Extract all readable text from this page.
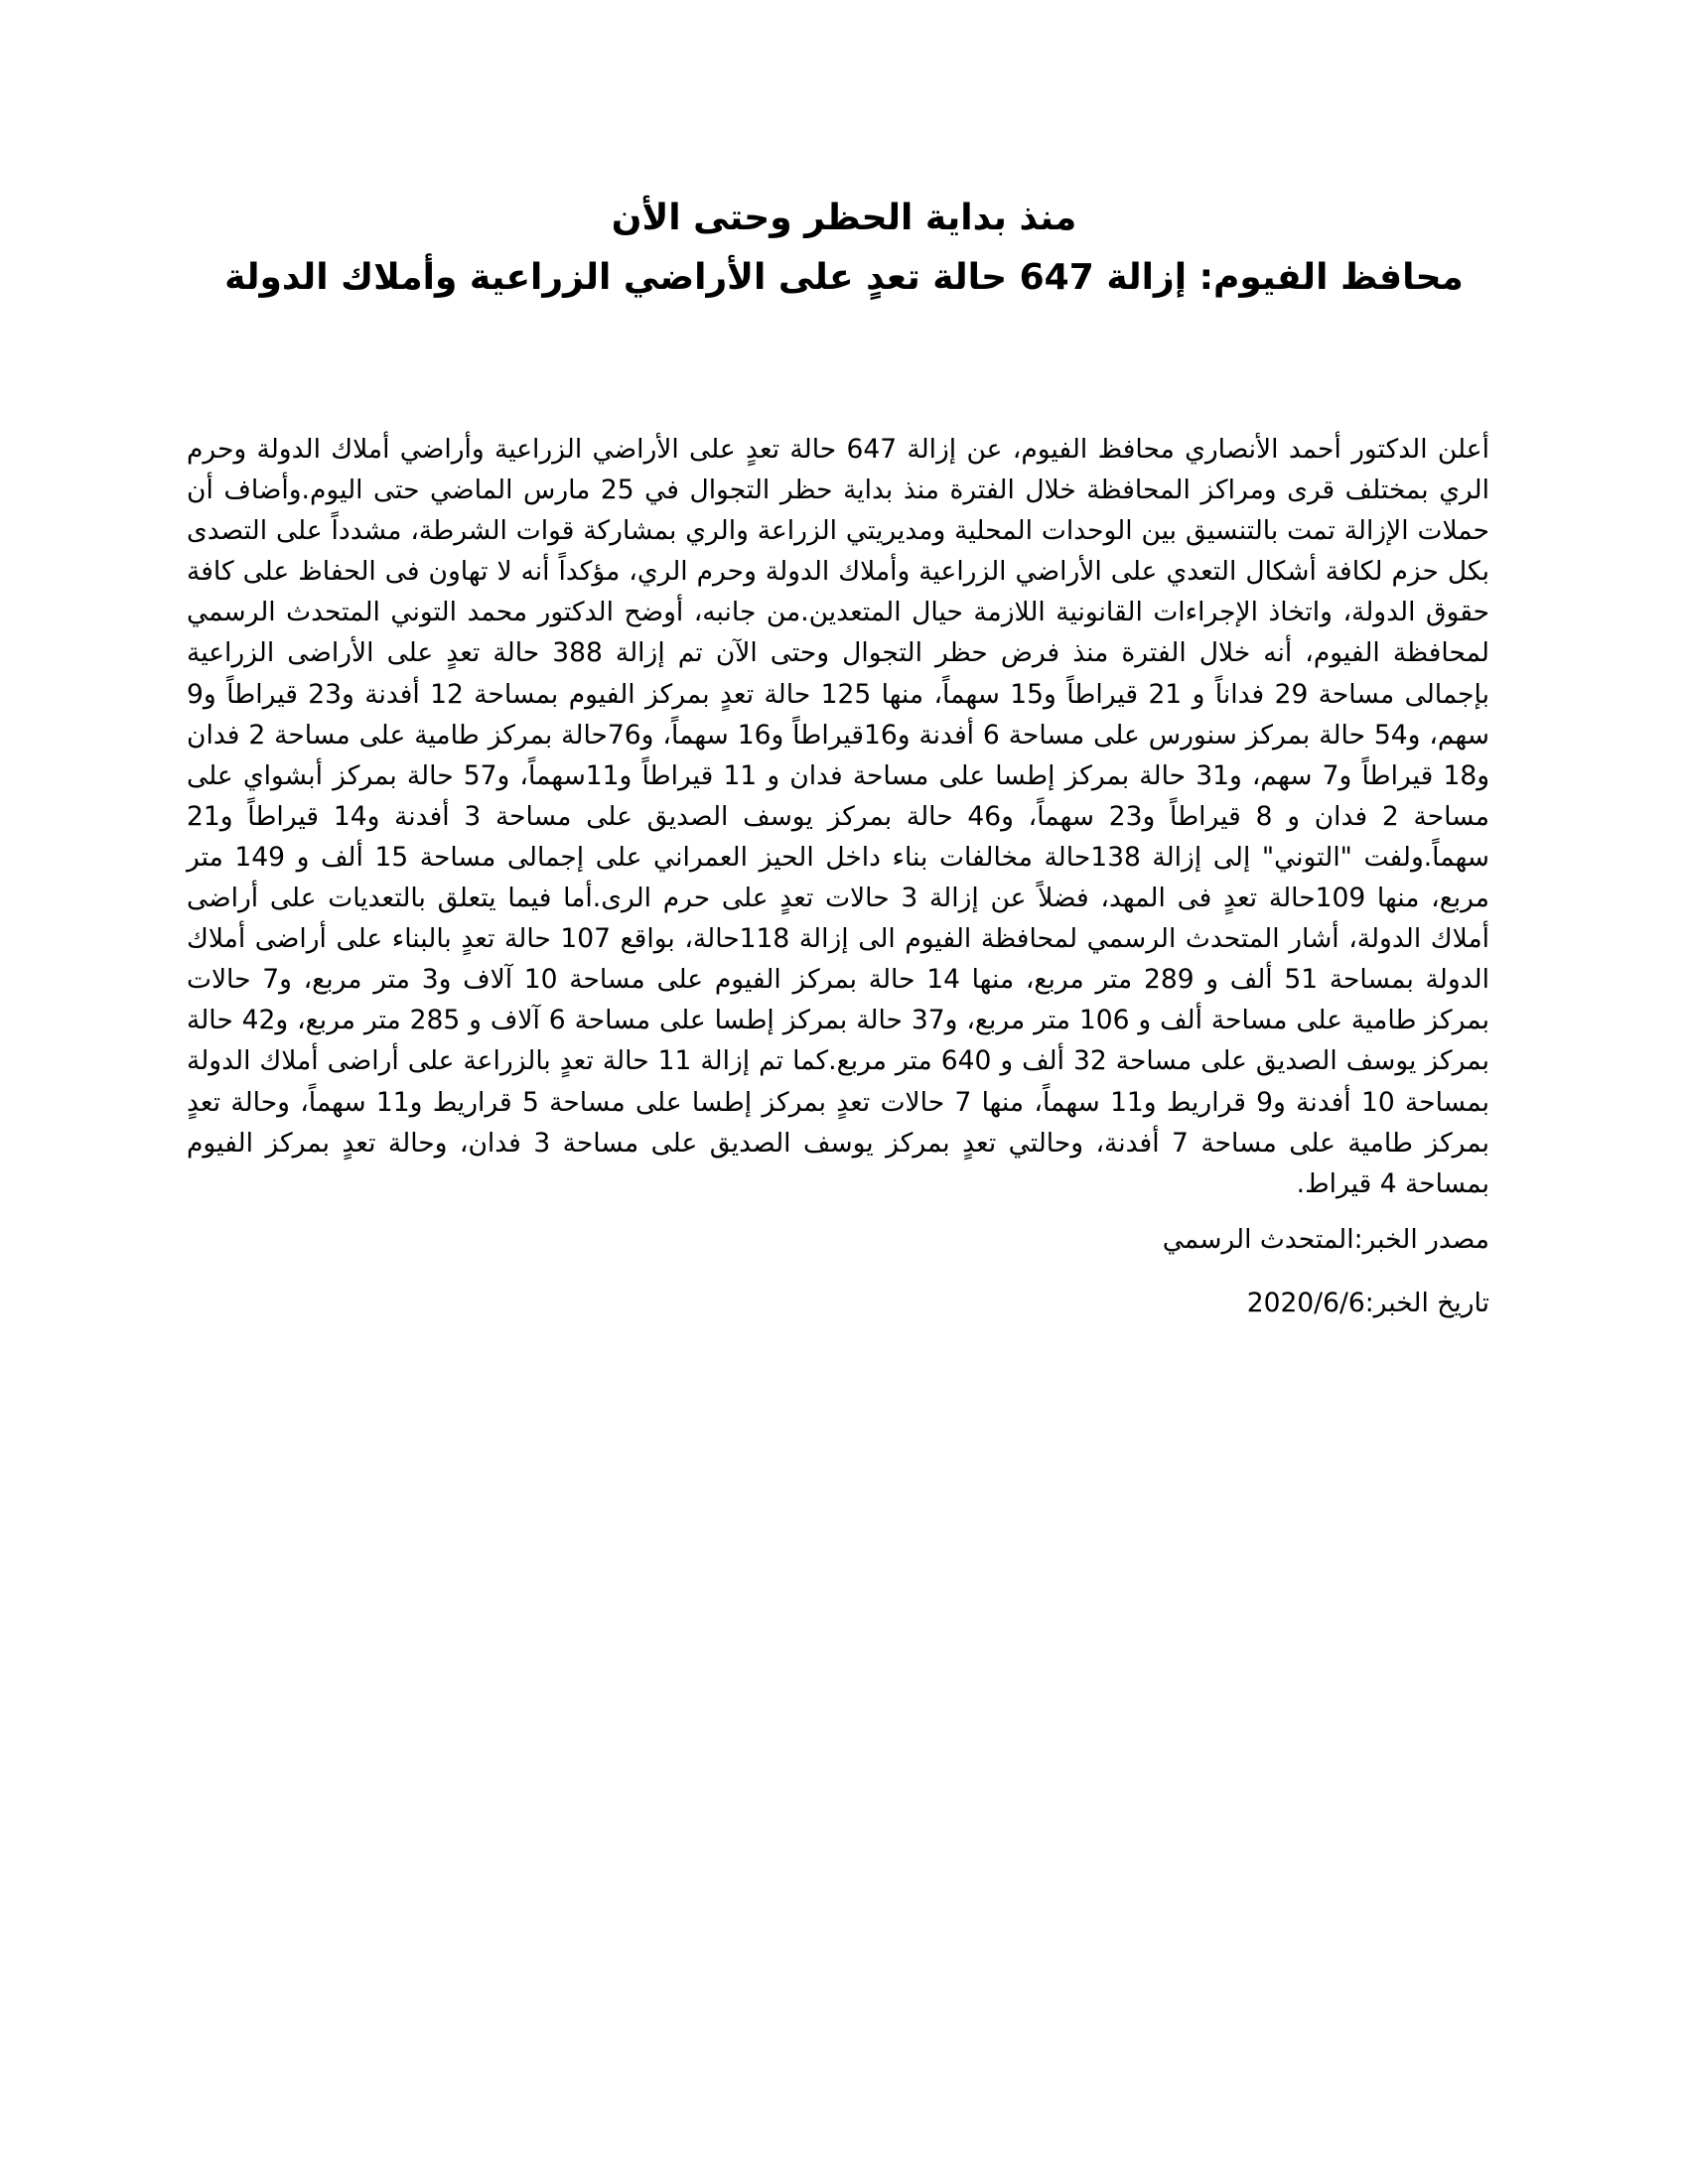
منذ بداية الحظر وحتى الأن

محافظ الفيوم: إزالة 647 حالة تعدٍ على الأراضي الزراعية وأملاك الدولة

أعلن الدكتور أحمد الأنصاري محافظ الفيوم، عن إزالة 647 حالة تعدٍ على الأراضي الزراعية وأراضي أملاك الدولة وحرم الري بمختلف قرى ومراكز المحافظة خلال الفترة منذ بداية حظر التجوال في 25 مارس الماضي حتى اليوم.وأضاف أن حملات الإزالة تمت بالتنسيق بين الوحدات المحلية ومديريتي الزراعة والري بمشاركة قوات الشرطة، مشدداً على التصدى بكل حزم لكافة أشكال التعدي على الأراضي الزراعية وأملاك الدولة وحرم الري، مؤكداً أنه لا تهاون فى الحفاظ على كافة حقوق الدولة، واتخاذ الإجراءات القانونية اللازمة حيال المتعدين.من جانبه، أوضح الدكتور محمد التوني المتحدث الرسمي لمحافظة الفيوم، أنه خلال الفترة منذ فرض حظر التجوال وحتى الآن تم إزالة 388 حالة تعدٍ على الأراضى الزراعية بإجمالى مساحة 29 فداناً و 21 قيراطاً و15 سهماً، منها 125 حالة تعدٍ بمركز الفيوم بمساحة 12 أفدنة و23 قيراطاً و9 سهم، و54 حالة بمركز سنورس على مساحة 6 أفدنة و16قيراطاً و16 سهماً، و76حالة بمركز طامية على مساحة 2 فدان و18 قيراطاً و7 سهم، و31 حالة بمركز إطسا على مساحة فدان و 11 قيراطاً و11سهماً، و57 حالة بمركز أبشواي على مساحة 2 فدان و 8 قيراطاً و23 سهماً، و46 حالة بمركز يوسف الصديق على مساحة 3 أفدنة و14 قيراطاً و21 سهماً.ولفت "التوني" إلى إزالة 138حالة مخالفات بناء داخل الحيز العمراني على إجمالى مساحة 15 ألف و 149 متر مربع، منها 109حالة تعدٍ فى المهد، فضلاً عن إزالة 3 حالات تعدٍ على حرم الرى.أما فيما يتعلق بالتعديات على أراضى أملاك الدولة، أشار المتحدث الرسمي لمحافظة الفيوم الى إزالة 118حالة، بواقع 107 حالة تعدٍ بالبناء على أراضى أملاك الدولة بمساحة 51 ألف و 289 متر مربع، منها 14 حالة بمركز الفيوم على مساحة 10 آلاف و3 متر مربع، و7 حالات بمركز طامية على مساحة ألف و 106 متر مربع، و37 حالة بمركز إطسا على مساحة 6 آلاف و 285 متر مربع، و42 حالة بمركز يوسف الصديق على مساحة 32 ألف و 640 متر مربع.كما تم إزالة 11 حالة تعدٍ بالزراعة على أراضى أملاك الدولة بمساحة 10 أفدنة و9 قراريط و11 سهماً، منها 7 حالات تعدٍ بمركز إطسا على مساحة 5 قراريط و11 سهماً، وحالة تعدٍ بمركز طامية على مساحة 7 أفدنة، وحالتي تعدٍ بمركز يوسف الصديق على مساحة 3 فدان، وحالة تعدٍ بمركز الفيوم بمساحة 4 قيراط.

مصدر الخبر:المتحدث الرسمي

تاريخ الخبر:2020/6/6
